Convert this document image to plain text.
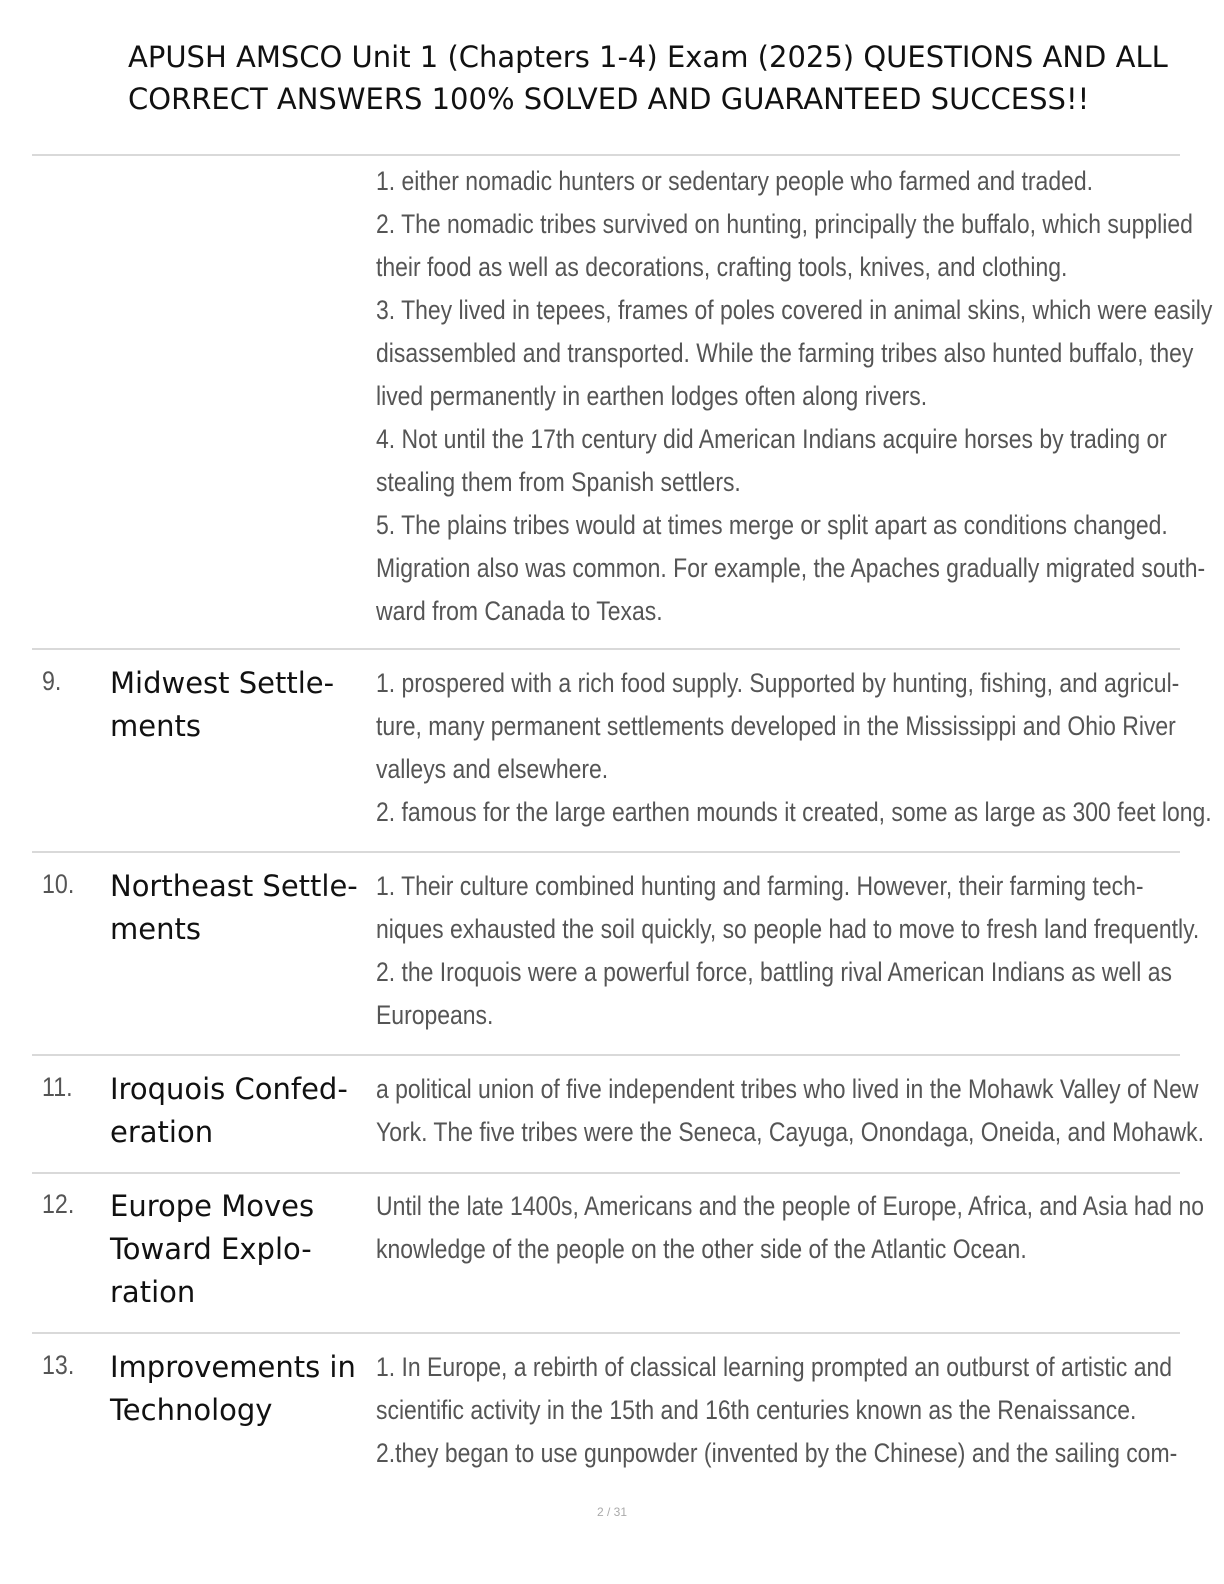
APUSH AMSCO Unit 1 (Chapters 1-4) Exam (2025) QUESTIONS AND ALL
CORRECT ANSWERS 100% SOLVED AND GUARANTEED SUCCESS!!
1. either nomadic hunters or sedentary people who farmed and traded.
2. The nomadic tribes survived on hunting, principally the buffalo, which supplied
their food as well as decorations, crafting tools, knives, and clothing.
3. They lived in tepees, frames of poles covered in animal skins, which were easily
disassembled and transported. While the farming tribes also hunted buffalo, they
lived permanently in earthen lodges often along rivers.
4. Not until the 17th century did American Indians acquire horses by trading or
stealing them from Spanish settlers.
5. The plains tribes would at times merge or split apart as conditions changed.
Migration also was common. For example, the Apaches gradually migrated south-
ward from Canada to Texas.
9. Midwest Settle-
ments
1. prospered with a rich food supply. Supported by hunting, fishing, and agricul-
ture, many permanent settlements developed in the Mississippi and Ohio River
valleys and elsewhere.
2. famous for the large earthen mounds it created, some as large as 300 feet long.
10. Northeast Settle-
ments
1. Their culture combined hunting and farming. However, their farming tech-
niques exhausted the soil quickly, so people had to move to fresh land frequently.
2. the Iroquois were a powerful force, battling rival American Indians as well as
Europeans.
11. Iroquois Confed-
eration
a political union of five independent tribes who lived in the Mohawk Valley of New
York. The five tribes were the Seneca, Cayuga, Onondaga, Oneida, and Mohawk.
12. Europe Moves
Toward Explo-
ration
Until the late 1400s, Americans and the people of Europe, Africa, and Asia had no
knowledge of the people on the other side of the Atlantic Ocean.
13. Improvements in
Technology
1. In Europe, a rebirth of classical learning prompted an outburst of artistic and
scientific activity in the 15th and 16th centuries known as the Renaissance.
2.they began to use gunpowder (invented by the Chinese) and the sailing com-
2 / 31
